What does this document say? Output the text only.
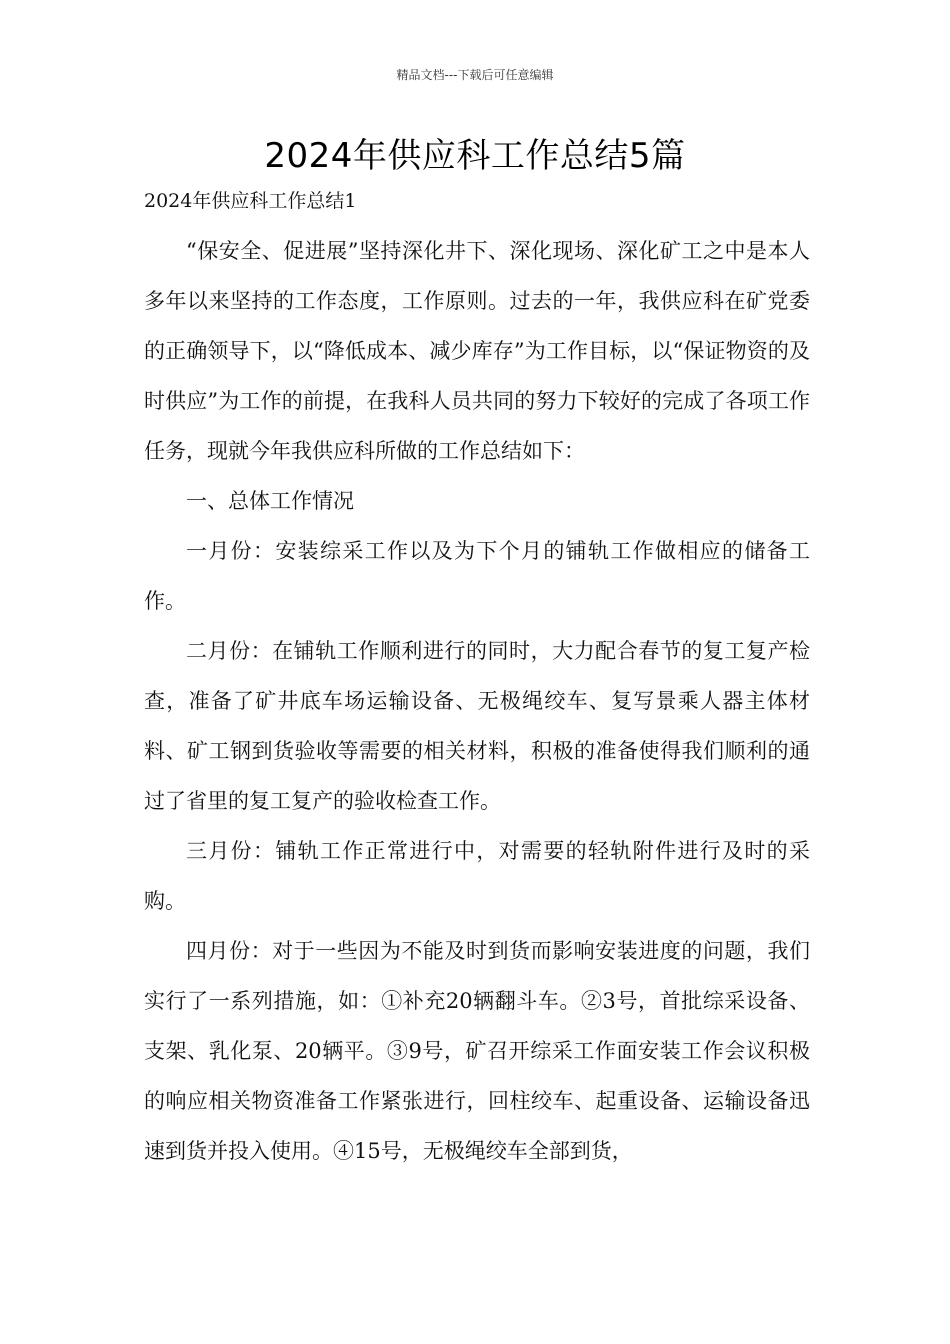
精品文档---下载后可任意编辑
2024年供应科工作总结5篇
2024年供应科工作总结1

“保安全、促进展”坚持深化井下、深化现场、深化矿工之中是本人多年以来坚持的工作态度，工作原则。过去的一年，我供应科在矿党委的正确领导下，以“降低成本、减少库存”为工作目标，以“保证物资的及时供应”为工作的前提，在我科人员共同的努力下较好的完成了各项工作任务，现就今年我供应科所做的工作总结如下：

一、总体工作情况

一月份：安装综采工作以及为下个月的铺轨工作做相应的储备工作。

二月份：在铺轨工作顺利进行的同时，大力配合春节的复工复产检查，准备了矿井底车场运输设备、无极绳绞车、复写景乘人器主体材料、矿工钢到货验收等需要的相关材料，积极的准备使得我们顺利的通过了省里的复工复产的验收检查工作。

三月份：铺轨工作正常进行中，对需要的轻轨附件进行及时的采购。

四月份：对于一些因为不能及时到货而影响安装进度的问题，我们实行了一系列措施，如：①补充20辆翻斗车。②3号，首批综采设备、支架、乳化泵、20辆平。③9号，矿召开综采工作面安装工作会议积极的响应相关物资准备工作紧张进行，回柱绞车、起重设备、运输设备迅速到货并投入使用。④15号，无极绳绞车全部到货，
